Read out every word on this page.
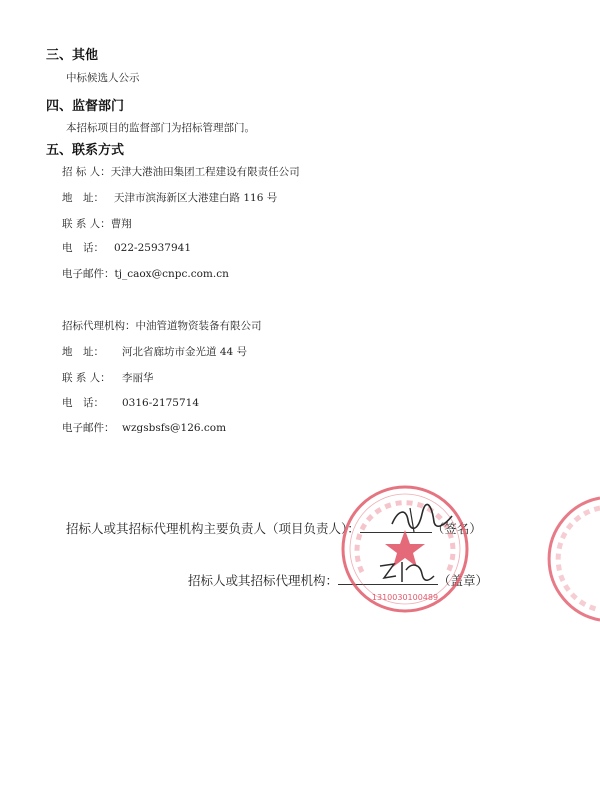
三、其他
中标候选人公示
四、监督部门
本招标项目的监督部门为招标管理部门。
五、联系方式
招 标 人：天津大港油田集团工程建设有限责任公司
地　址： 天津市滨海新区大港建白路 116 号
联 系 人：曹翔
电　话： 022-25937941
电子邮件：tj_caox@cnpc.com.cn
招标代理机构：中油管道物资装备有限公司
地　址： 河北省廊坊市金光道 44 号
联 系 人： 李丽华
电　话： 0316-2175714
电子邮件： wzgsbsfs@126.com
招标人或其招标代理机构主要负责人（项目负责人）：	（签名）
招标人或其招标代理机构：	（盖章）
1310030100489
